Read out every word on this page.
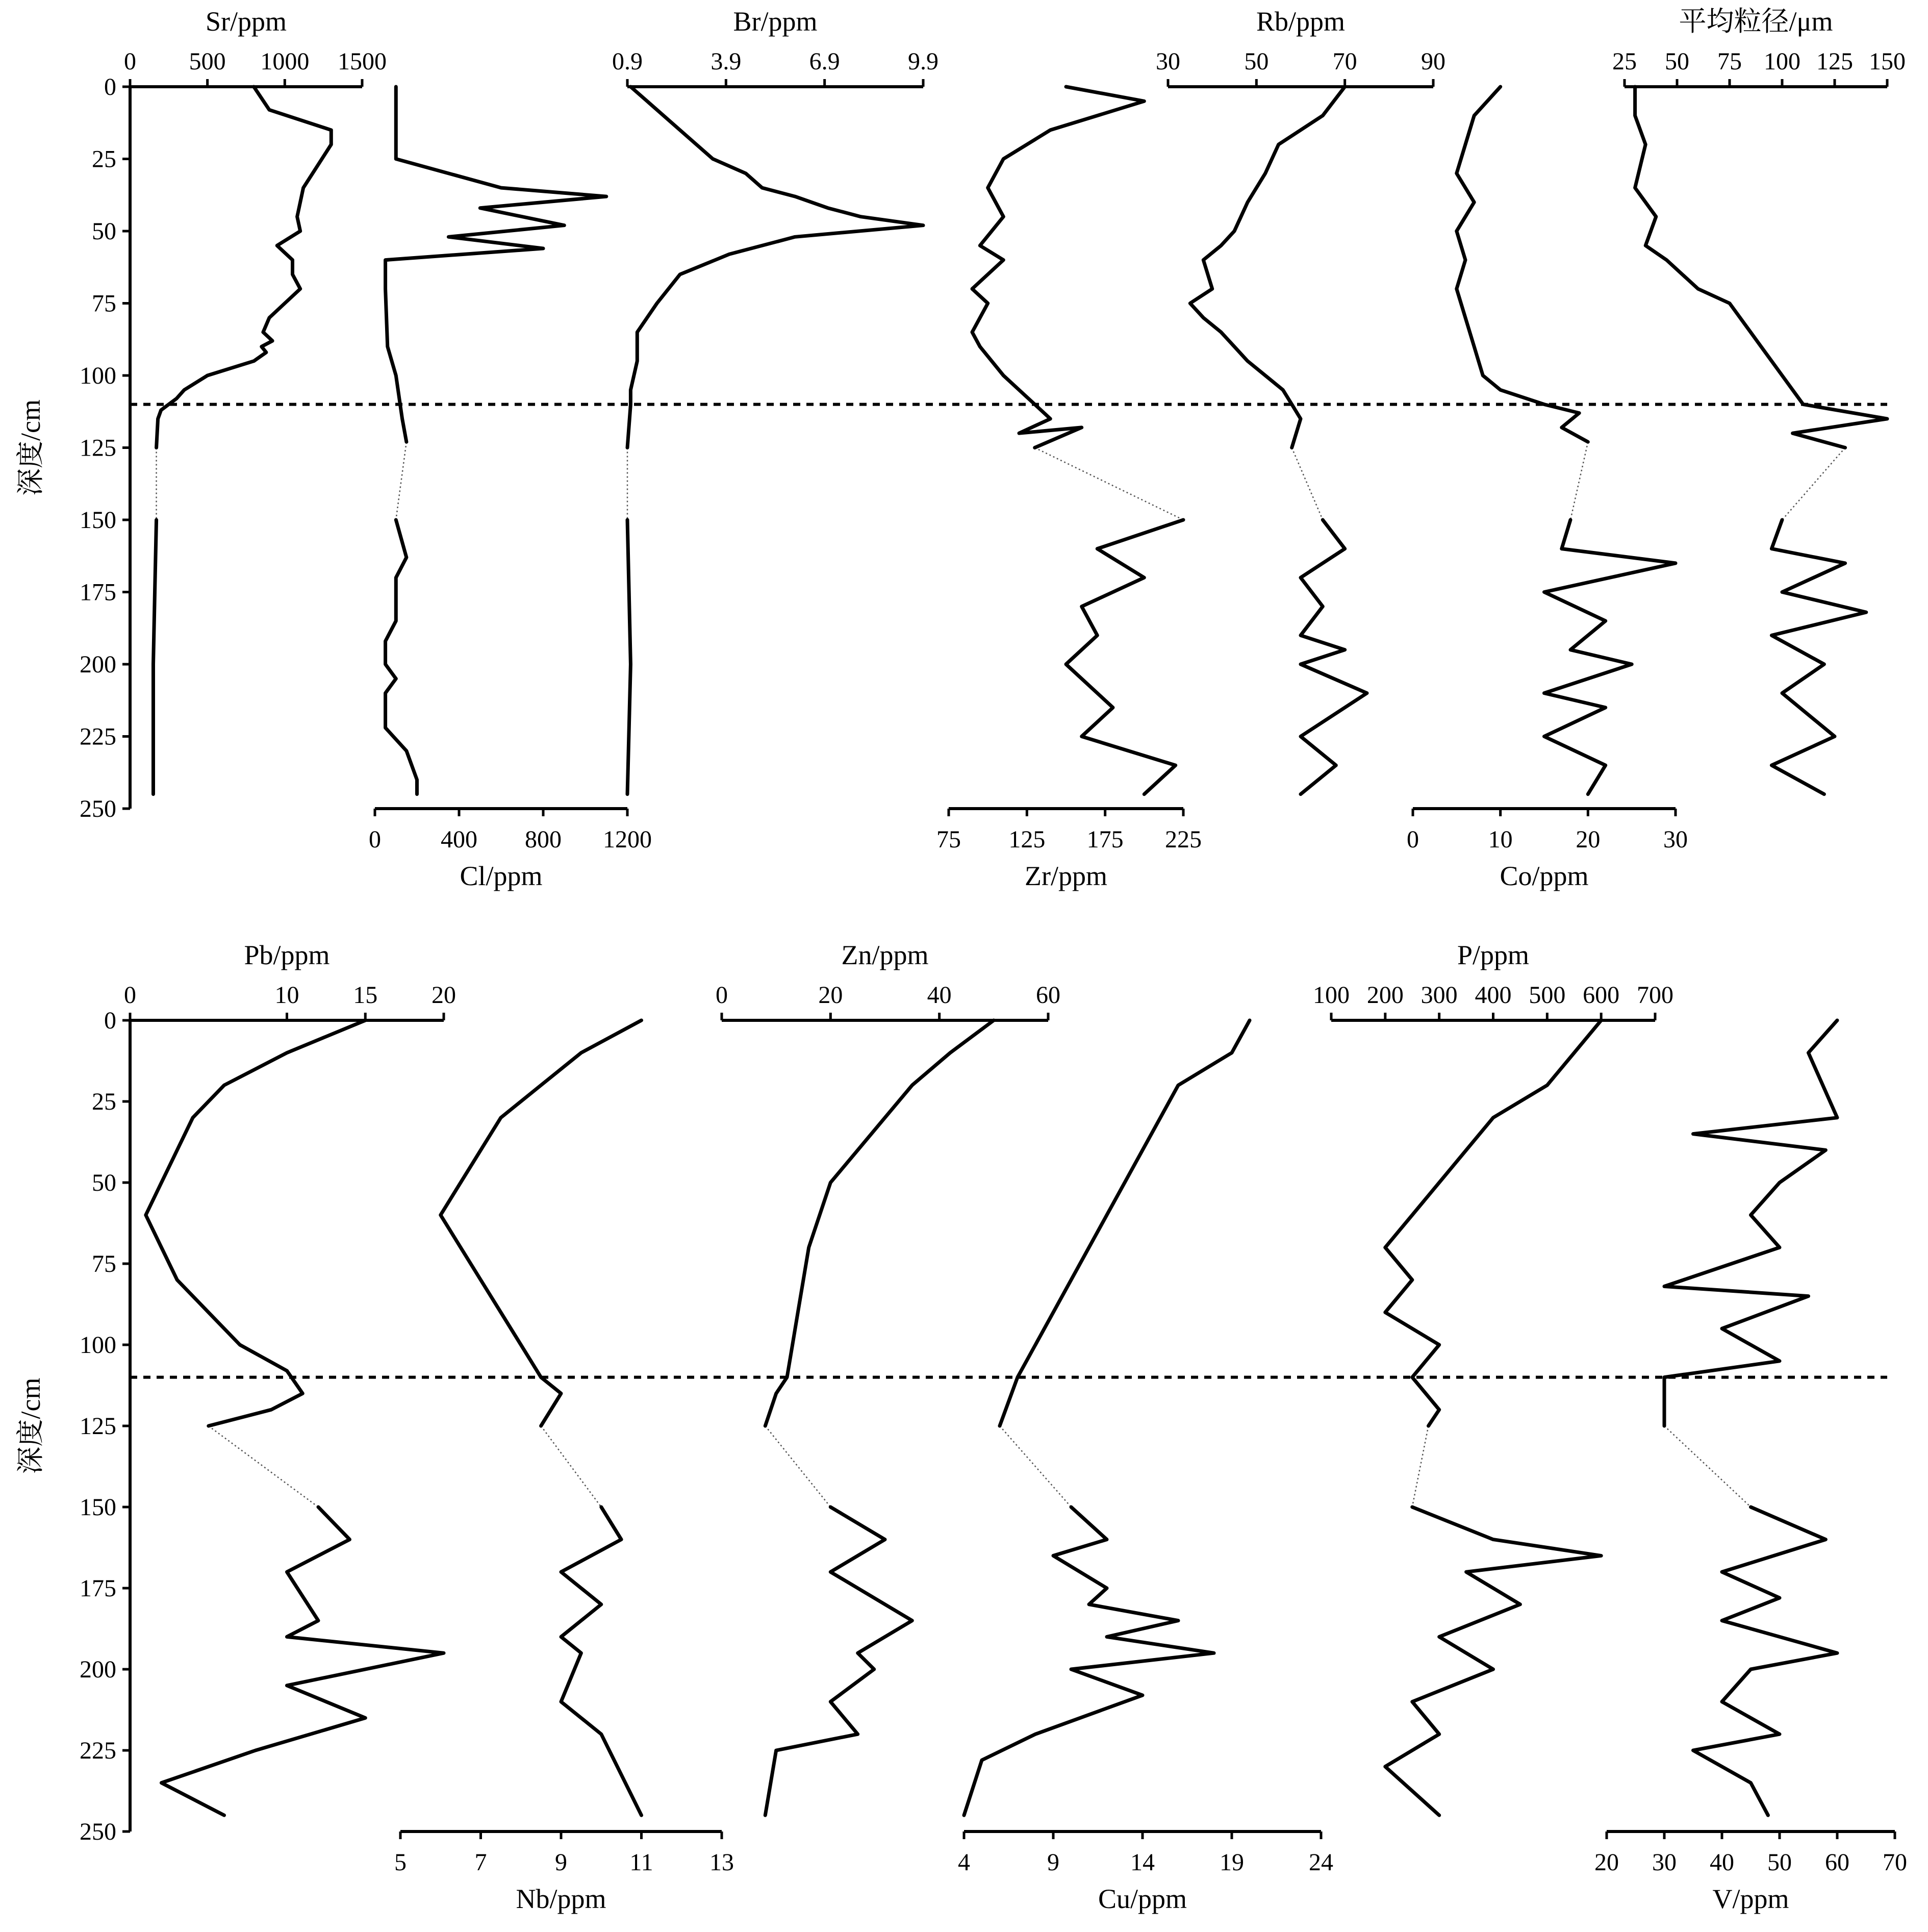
0
25
50
75
100
125
150
175
200
225
250
深度/cm
0
25
50
75
100
125
150
175
200
225
250
深度/cm
0 500 1000 1500
Sr/ppm
0 400 800 1200
Cl/ppm
0.9	3.9	6.9	9.9
Br/ppm
75 125 175 225
Zr/ppm
30	50	70	90
Rb/ppm
25 50 75 100 125 150
平均粒径/μm
0	10	20	30
Co/ppm
0	10 15 20
Pb/ppm
5	7	9	11 13
Nb/ppm
0	20	40	60
Zn/ppm
4	9	14	19	24
Cu/ppm
100 200 300 400 500 600 700
P/ppm
20 30 40 50 60 70
V/ppm
